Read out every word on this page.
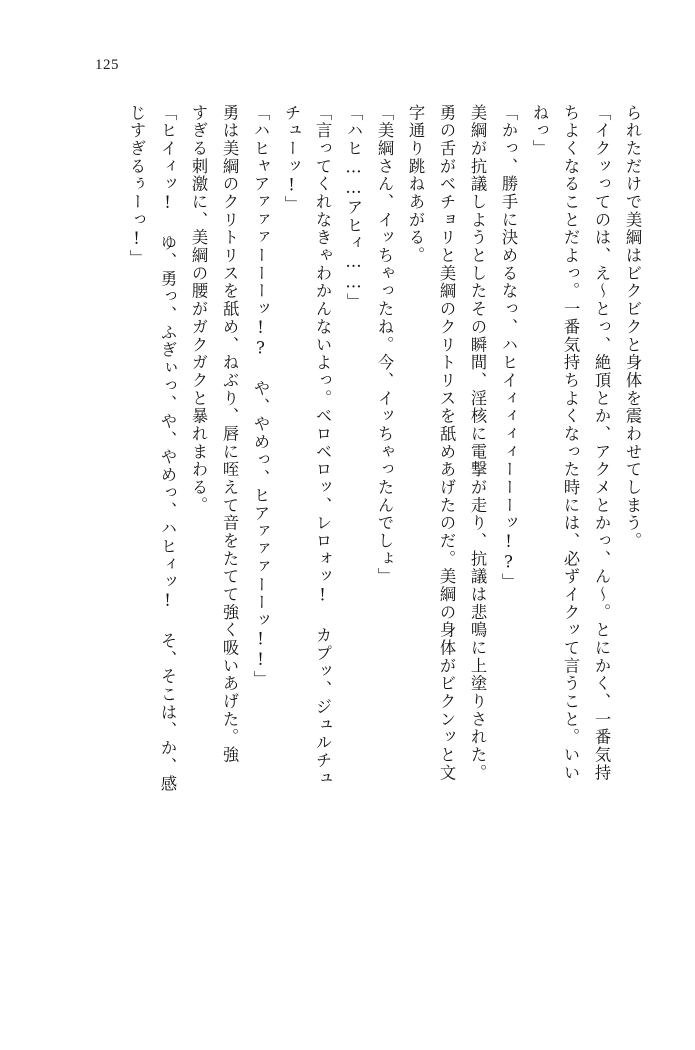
125
られただけで美綱はビクビクと身体を震わせてしまう。
「イクッってのは、え〜とっ、絶頂とか、アクメとかっ、ん〜。とにかく、一番気持
ちよくなることだよっ。一番気持ちよくなった時には、必ずイクッて言うこと。いい
ねっ」
「かっ、勝手に決めるなっ、ハヒイィィィィーーーッ!?」
美綱が抗議しようとしたその瞬間、淫核に電撃が走り、抗議は悲鳴に上塗りされた。
勇の舌がベチョリと美綱のクリトリスを舐めあげたのだ。美綱の身体がビクンッと文
字通り跳ねあがる。
「美綱さん、イッちゃったね。今、イッちゃったんでしょ」
「ハヒ……アヒィ……」
「言ってくれなきゃわかんないよっ。ベロベロッ、レロォッ! カプッ、ジュルチュ
チューッ!」
「ハヒャアァァァーーーッ!? や、やめっ、ヒアァァァーーッ!!」
勇は美綱のクリトリスを舐め、ねぶり、唇に咥えて音をたてて強く吸いあげた。強
すぎる刺激に、美綱の腰がガクガクと暴れまわる。
「ヒイィッ! ゆ、勇っ、ふぎぃっ、や、やめっ、ハヒィッ! そ、そこは、か、感
じすぎるぅーっ!」
